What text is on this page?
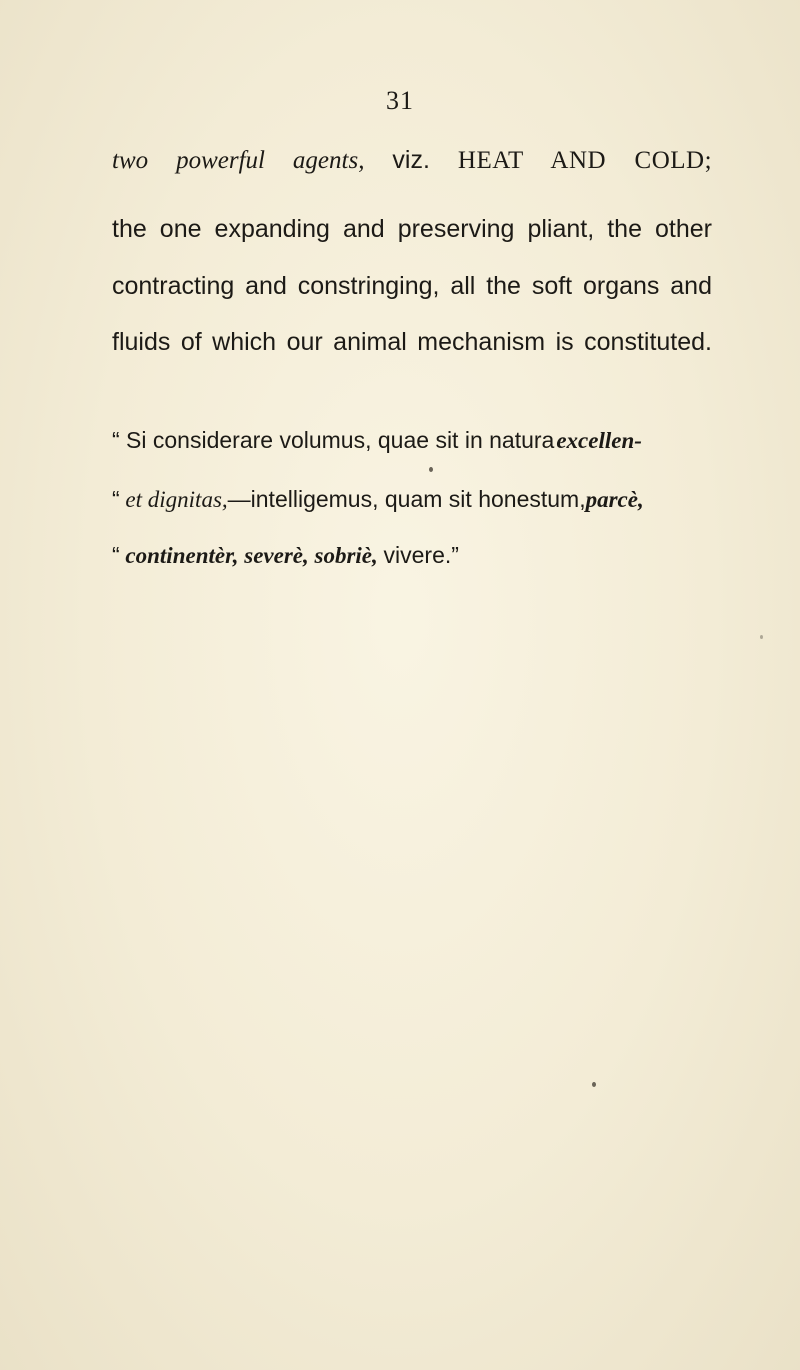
31
two powerful agents, viz. HEAT AND COLD;
the one expanding and preserving pliant, the other
contracting and constringing, all the soft organs and
fluids of which our animal mechanism is constituted.
“ Si considerare volumus, quae sit in naturaexcellen-
“ et dignitas,—intelligemus, quam sit honestum,parcè,
“ continentèr, severè, sobriè, vivere.”
